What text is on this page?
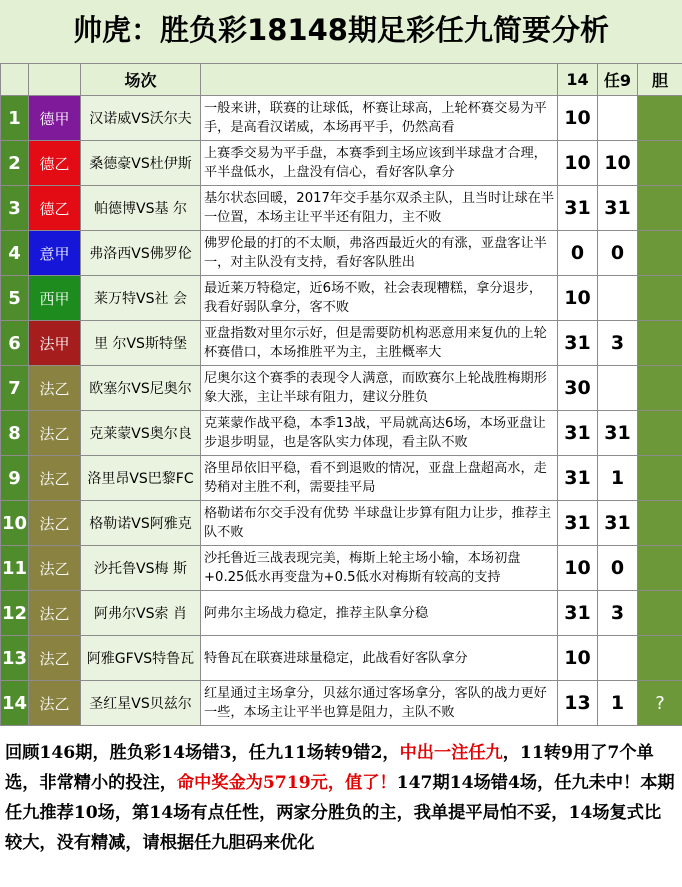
帅虎：胜负彩18148期足彩任九简要分析
		场次		14	任9	胆
1	德甲	汉诺威VS沃尔夫	一般来讲，联赛的让球低，杯赛让球高，上轮杯赛交易为平手，是高看汉诺威，本场再平手，仍然高看	10		
2	德乙	桑德豪VS杜伊斯	上赛季交易为平手盘，本赛季到主场应该到半球盘才合理，平半盘低水，上盘没有信心，看好客队拿分	10	10	
3	德乙	帕德博VS基 尔	基尔状态回暖，2017年交手基尔双杀主队，且当时让球在半一位置，本场主让平半还有阻力，主不败	31	31	
4	意甲	弗洛西VS佛罗伦	佛罗伦最的打的不太顺，弗洛西最近火的有涨，亚盘客让半一，对主队没有支持，看好客队胜出	0	0	
5	西甲	莱万特VS社 会	最近莱万特稳定，近6场不败，社会表现糟糕，拿分退步，我看好弱队拿分，客不败	10		
6	法甲	里 尔VS斯特堡	亚盘指数对里尔示好，但是需要防机构恶意用来复仇的上轮杯赛借口，本场推胜平为主，主胜概率大	31	3	
7	法乙	欧塞尔VS尼奥尔	尼奥尔这个赛季的表现令人满意，而欧赛尔上轮战胜梅期形象大涨，主让半球有阻力，建议分胜负	30		
8	法乙	克莱蒙VS奥尔良	克莱蒙作战平稳，本季13战，平局就高达6场，本场亚盘让步退步明显，也是客队实力体现，看主队不败	31	31	
9	法乙	洛里昂VS巴黎FC	洛里昂依旧平稳，看不到退败的情况，亚盘上盘超高水，走势稍对主胜不利，需要挂平局	31	1	
10	法乙	格勒诺VS阿雅克	格勒诺布尔交手没有优势 半球盘让步算有阻力让步，推荐主队不败	31	31	
11	法乙	沙托鲁VS梅 斯	沙托鲁近三战表现完美，梅斯上轮主场小输，本场初盘+0.25低水再变盘为+0.5低水对梅斯有较高的支持	10	0	
12	法乙	阿弗尔VS索 肖	阿弗尔主场战力稳定，推荐主队拿分稳	31	3	
13	法乙	阿雅GFVS特鲁瓦	特鲁瓦在联赛进球量稳定，此战看好客队拿分	10		
14	法乙	圣红星VS贝兹尔	红星通过主场拿分，贝兹尔通过客场拿分，客队的战力更好一些，本场主让平半也算是阻力，主队不败	13	1	?
回顾146期，胜负彩14场错3，任九11场转9错2，中出一注任九，11转9用了7个单选，非常精小的投注，命中奖金为5719元，值了！147期14场错4场，任九未中！本期任九推荐10场，第14场有点任性，两家分胜负的主，我单提平局怕不妥，14场复式比较大，没有精减，请根据任九胆码来优化
